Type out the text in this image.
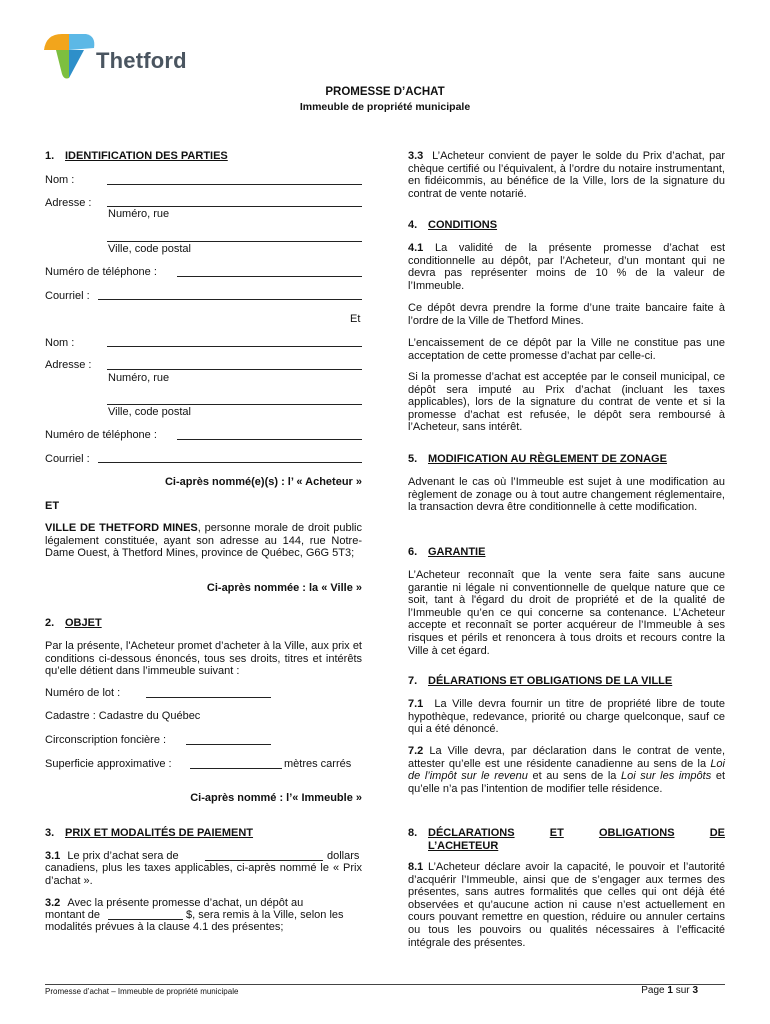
Thetford
PROMESSE D’ACHAT
Immeuble de propriété municipale
1. IDENTIFICATION DES PARTIES
Nom :
Adresse :
Numéro, rue
Ville, code postal
Numéro de téléphone :
Courriel :
Et
Nom :
Adresse :
Numéro, rue
Ville, code postal
Numéro de téléphone :
Courriel :
Ci-après nommé(e)(s) : l’ « Acheteur »
ET
VILLE DE THETFORD MINES, personne morale de droit public légalement constituée, ayant son adresse au 144, rue Notre-Dame Ouest, à Thetford Mines, province de Québec, G6G 5T3;
Ci-après nommée : la « Ville »
2. OBJET
Par la présente, l'Acheteur promet d’acheter à la Ville, aux prix et conditions ci-dessous énoncés, tous ses droits, titres et intérêts qu’elle détient dans l’immeuble suivant :
Numéro de lot :
Cadastre : Cadastre du Québec
Circonscription foncière :
Superficie approximative :	mètres carrés
Ci-après nommé : l’« Immeuble »
3. PRIX ET MODALITÉS DE PAIEMENT
3.1 Le prix d’achat sera de	dollars
canadiens, plus les taxes applicables, ci-après nommé le « Prix d’achat ».
3.2 Avec la présente promesse d’achat, un dépôt au
montant de	$, sera remis à la Ville, selon les
modalités prévues à la clause 4.1 des présentes;
3.3 L’Acheteur convient de payer le solde du Prix d’achat, par chèque certifié ou l’équivalent, à l’ordre du notaire instrumentant, en fidéicommis, au bénéfice de la Ville, lors de la signature du contrat de vente notarié.
4. CONDITIONS
4.1 La validité de la présente promesse d’achat est conditionnelle au dépôt, par l’Acheteur, d’un montant qui ne devra pas représenter moins de 10 % de la valeur de l’Immeuble.
Ce dépôt devra prendre la forme d’une traite bancaire faite à l’ordre de la Ville de Thetford Mines.
L’encaissement de ce dépôt par la Ville ne constitue pas une acceptation de cette promesse d’achat par celle-ci.
Si la promesse d’achat est acceptée par le conseil municipal, ce dépôt sera imputé au Prix d’achat (incluant les taxes applicables), lors de la signature du contrat de vente et si la promesse d’achat est refusée, le dépôt sera remboursé à l’Acheteur, sans intérêt.
5. MODIFICATION AU RÈGLEMENT DE ZONAGE
Advenant le cas où l’Immeuble est sujet à une modification au règlement de zonage ou à tout autre changement réglementaire, la transaction devra être conditionnelle à cette modification.
6. GARANTIE
L’Acheteur reconnaît que la vente sera faite sans aucune garantie ni légale ni conventionnelle de quelque nature que ce soit, tant à l'égard du droit de propriété et de la qualité de l’Immeuble qu’en ce qui concerne sa contenance. L’Acheteur accepte et reconnaît se porter acquéreur de l’Immeuble à ses risques et périls et renoncera à tous droits et recours contre la Ville à cet égard.
7. DÉLARATIONS ET OBLIGATIONS DE LA VILLE
7.1 La Ville devra fournir un titre de propriété libre de toute hypothèque, redevance, priorité ou charge quelconque, sauf ce qui a été dénoncé.
7.2 La Ville devra, par déclaration dans le contrat de vente, attester qu’elle est une résidente canadienne au sens de la Loi de l’impôt sur le revenu et au sens de la Loi sur les impôts et qu’elle n’a pas l’intention de modifier telle résidence.
8. DÉCLARATIONS	ET	OBLIGATIONS	DE
L’ACHETEUR
8.1 L’Acheteur déclare avoir la capacité, le pouvoir et l’autorité d’acquérir l’Immeuble, ainsi que de s’engager aux termes des présentes, sans autres formalités que celles qui ont déjà été observées et qu’aucune action ni cause n’est actuellement en cours pouvant remettre en question, réduire ou annuler certains ou tous les pouvoirs ou qualités nécessaires à l’efficacité intégrale des présentes.
Promesse d’achat – Immeuble de propriété municipale	Page 1 sur 3
